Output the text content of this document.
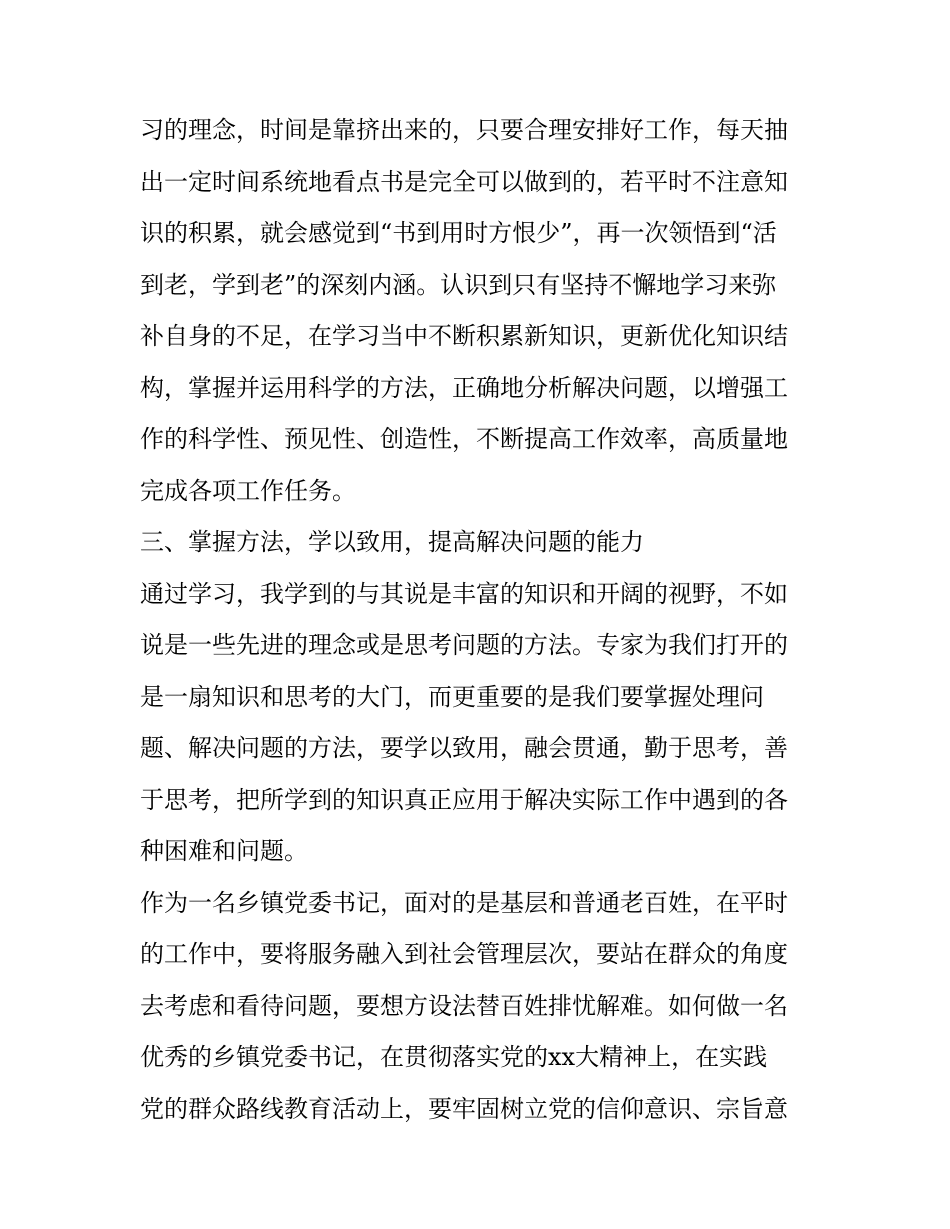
习的理念，时间是靠挤出来的，只要合理安排好工作，每天抽
出一定时间系统地看点书是完全可以做到的，若平时不注意知
识的积累，就会感觉到“书到用时方恨少”，再一次领悟到“活
到老，学到老”的深刻内涵。认识到只有坚持不懈地学习来弥
补自身的不足，在学习当中不断积累新知识，更新优化知识结
构，掌握并运用科学的方法，正确地分析解决问题，以增强工
作的科学性、预见性、创造性，不断提高工作效率，高质量地
完成各项工作任务。
三、掌握方法，学以致用，提高解决问题的能力
通过学习，我学到的与其说是丰富的知识和开阔的视野，不如
说是一些先进的理念或是思考问题的方法。专家为我们打开的
是一扇知识和思考的大门，而更重要的是我们要掌握处理问
题、解决问题的方法，要学以致用，融会贯通，勤于思考，善
于思考，把所学到的知识真正应用于解决实际工作中遇到的各
种困难和问题。
作为一名乡镇党委书记，面对的是基层和普通老百姓，在平时
的工作中，要将服务融入到社会管理层次，要站在群众的角度
去考虑和看待问题，要想方设法替百姓排忧解难。如何做一名
优秀的乡镇党委书记，在贯彻落实党的xx大精神上，在实践
党的群众路线教育活动上，要牢固树立党的信仰意识、宗旨意
